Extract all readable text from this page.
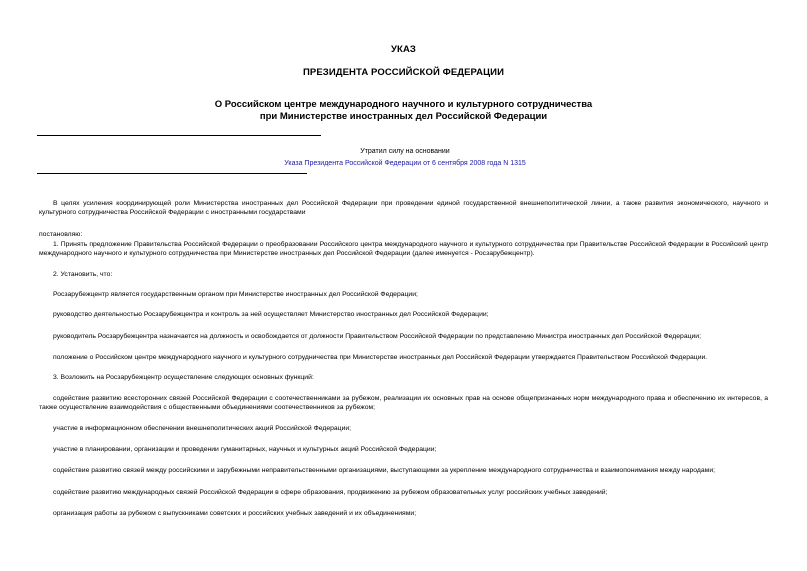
УКАЗ

ПРЕЗИДЕНТА РОССИЙСКОЙ ФЕДЕРАЦИИ

О Российском центре международного научного и культурного сотрудничества

при Министерстве иностранных дел Российской Федерации

Утратил силу на основании

Указа Президента Российской Федерации от 6 сентября 2008 года N 1315

В целях усиления координирующей роли Министерства иностранных дел Российской Федерации при проведении единой государственной внешнеполитической линии, а также развития экономического, научного и культурного сотрудничества Российской Федерации с иностранными государствами

постановляю:

1. Принять предложение Правительства Российской Федерации о преобразовании Российского центра международного научного и культурного сотрудничества при Правительстве Российской Федерации в Российский центр международного научного и культурного сотрудничества при Министерстве иностранных дел Российской Федерации (далее именуется - Росзарубежцентр).

2. Установить, что:

Росзарубежцентр является государственным органом при Министерстве иностранных дел Российской Федерации;

руководство деятельностью Росзарубежцентра и контроль за ней осуществляет Министерство иностранных дел Российской Федерации;

руководитель Росзарубежцентра назначается на должность и освобождается от должности Правительством Российской Федерации по представлению Министра иностранных дел Российской Федерации;

положение о Российском центре международного научного и культурного сотрудничества при Министерстве иностранных дел Российской Федерации утверждается Правительством Российской Федерации.

3. Возложить на Росзарубежцентр осуществление следующих основных функций:

содействие развитию всесторонних связей Российской Федерации с соотечественниками за рубежом, реализации их основных прав на основе общепризнанных норм международного права и обеспечению их интересов, а также осуществление взаимодействия с общественными объединениями соотечественников за рубежом;

участие в информационном обеспечении внешнеполитических акций Российской Федерации;

участие в планировании, организации и проведении гуманитарных, научных и культурных акций Российской Федерации;

содействие развитию связей между российскими и зарубежными неправительственными организациями, выступающими за укрепление международного сотрудничества и взаимопонимания между народами;

содействие развитию международных связей Российской Федерации в сфере образования, продвижению за рубежом образовательных услуг российских учебных заведений;

организация работы за рубежом с выпускниками советских и российских учебных заведений и их объединениями;
